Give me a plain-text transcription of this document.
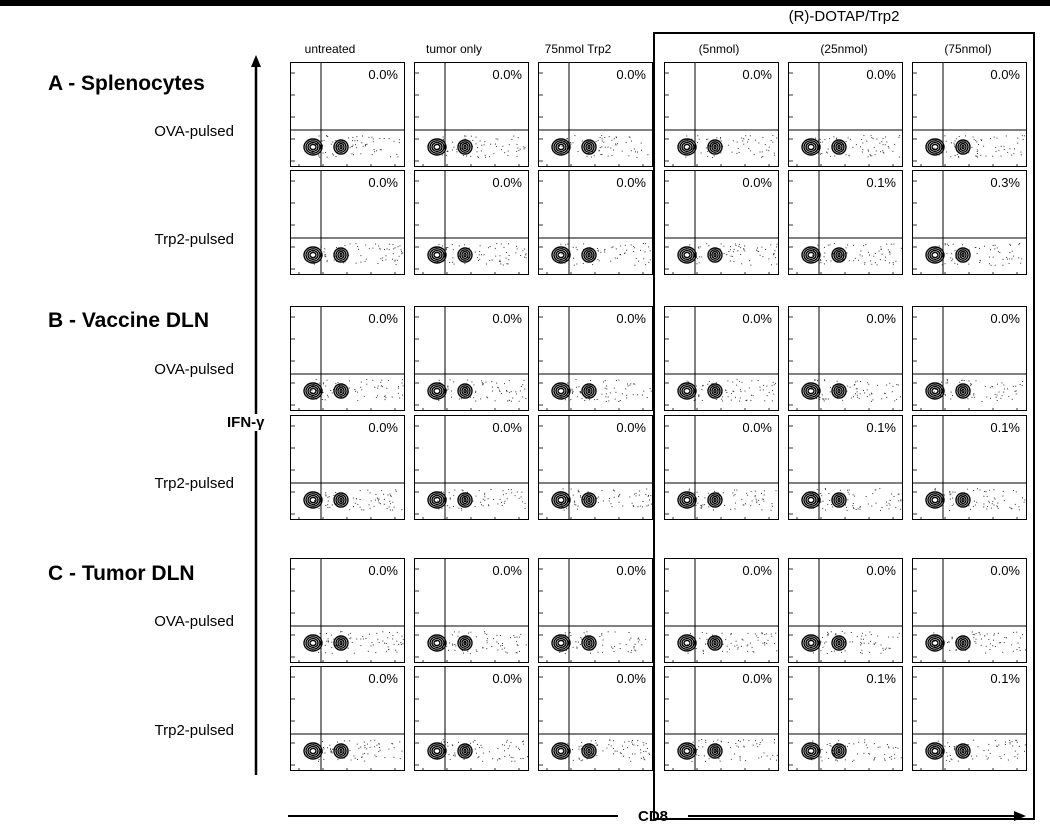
(R)-DOTAP/Trp2
untreated	tumor only	75nmol Trp2	(5nmol)	(25nmol)	(75nmol)
A - Splenocytes
B - Vaccine DLN
C - Tumor DLN
OVA-pulsed
Trp2-pulsed
OVA-pulsed
Trp2-pulsed
OVA-pulsed
Trp2-pulsed
IFN-γ
CD8
0.0%	0.0%	0.0%	0.0%	0.0%	0.0%
0.0%	0.0%	0.0%	0.0%	0.1%	0.3%
0.0%	0.0%	0.0%	0.0%	0.0%	0.0%
0.0%	0.0%	0.0%	0.0%	0.1%	0.1%
0.0%	0.0%	0.0%	0.0%	0.0%	0.0%
0.0%	0.0%	0.0%	0.0%	0.1%	0.1%
